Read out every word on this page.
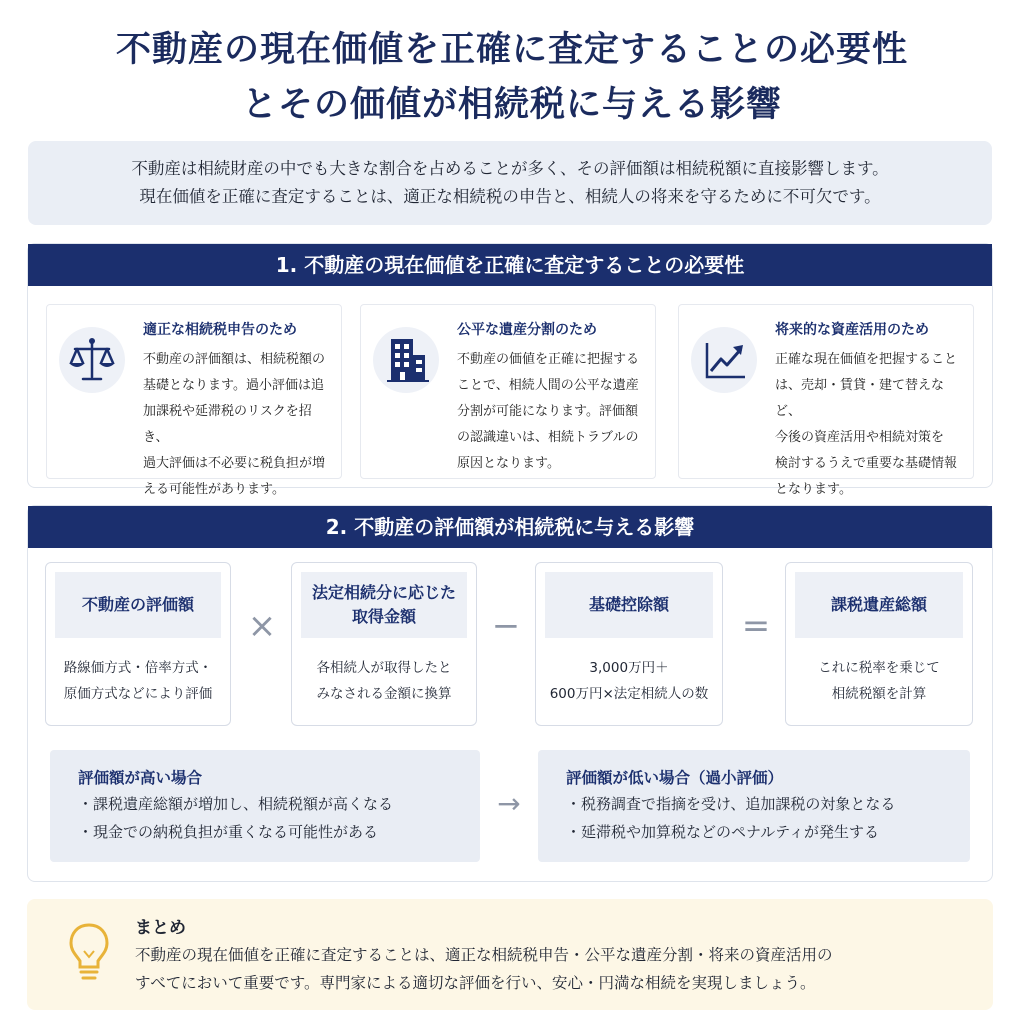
不動産の現在価値を正確に査定することの必要性
とその価値が相続税に与える影響
不動産は相続財産の中でも大きな割合を占めることが多く、その評価額は相続税額に直接影響します。
現在価値を正確に査定することは、適正な相続税の申告と、相続人の将来を守るために不可欠です。
1. 不動産の現在価値を正確に査定することの必要性
適正な相続税申告のため
不動産の評価額は、相続税額の
基礎となります。過小評価は追
加課税や延滞税のリスクを招き、
過大評価は不必要に税負担が増
える可能性があります。
公平な遺産分割のため
不動産の価値を正確に把握する
ことで、相続人間の公平な遺産
分割が可能になります。評価額
の認識違いは、相続トラブルの
原因となります。
将来的な資産活用のため
正確な現在価値を把握すること
は、売却・賃貸・建て替えなど、
今後の資産活用や相続対策を
検討するうえで重要な基礎情報
となります。
2. 不動産の評価額が相続税に与える影響
不動産の評価額
路線価方式・倍率方式・
原価方式などにより評価
×
法定相続分に応じた
取得金額
各相続人が取得したと
みなされる金額に換算
−
基礎控除額
3,000万円＋
600万円×法定相続人の数
=
課税遺産総額
これに税率を乗じて
相続税額を計算
評価額が高い場合
・課税遺産総額が増加し、相続税額が高くなる
・現金での納税負担が重くなる可能性がある
→
評価額が低い場合（過小評価）
・税務調査で指摘を受け、追加課税の対象となる
・延滞税や加算税などのペナルティが発生する
まとめ
不動産の現在価値を正確に査定することは、適正な相続税申告・公平な遺産分割・将来の資産活用の
すべてにおいて重要です。専門家による適切な評価を行い、安心・円満な相続を実現しましょう。
